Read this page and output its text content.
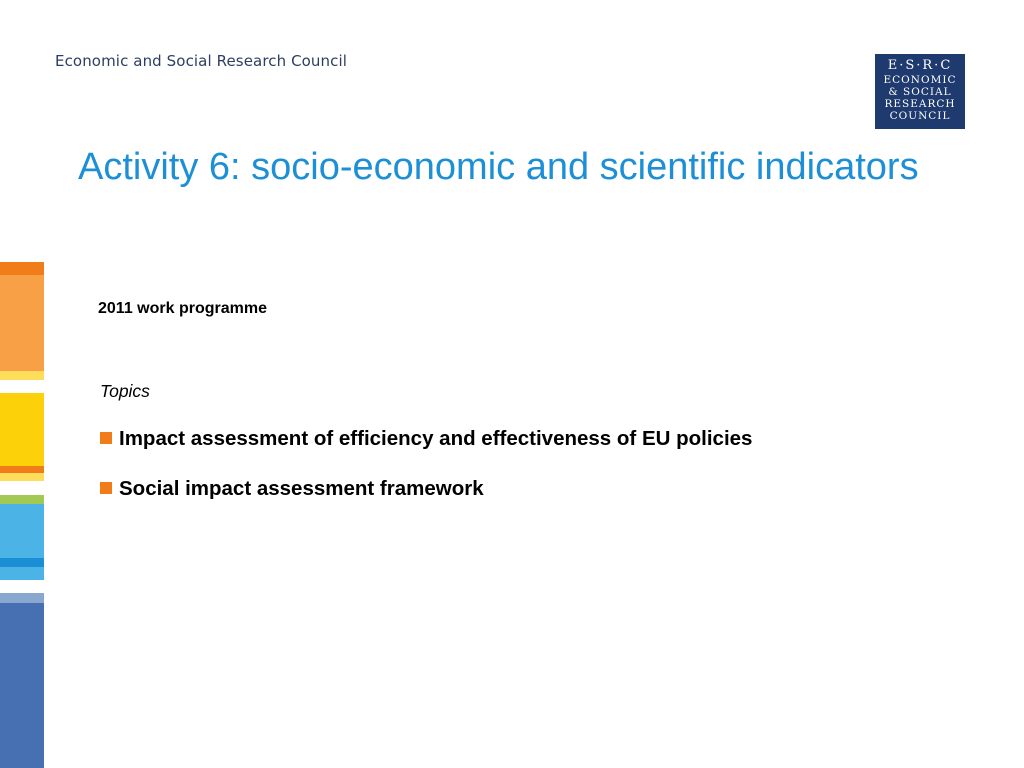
Economic and Social Research Council	E·S·R·C
ECONOMIC
& SOCIAL
RESEARCH
COUNCIL
Activity 6: socio-economic and scientific indicators
2011 work programme
Topics
Impact assessment of efficiency and effectiveness of EU policies
Social impact assessment framework
